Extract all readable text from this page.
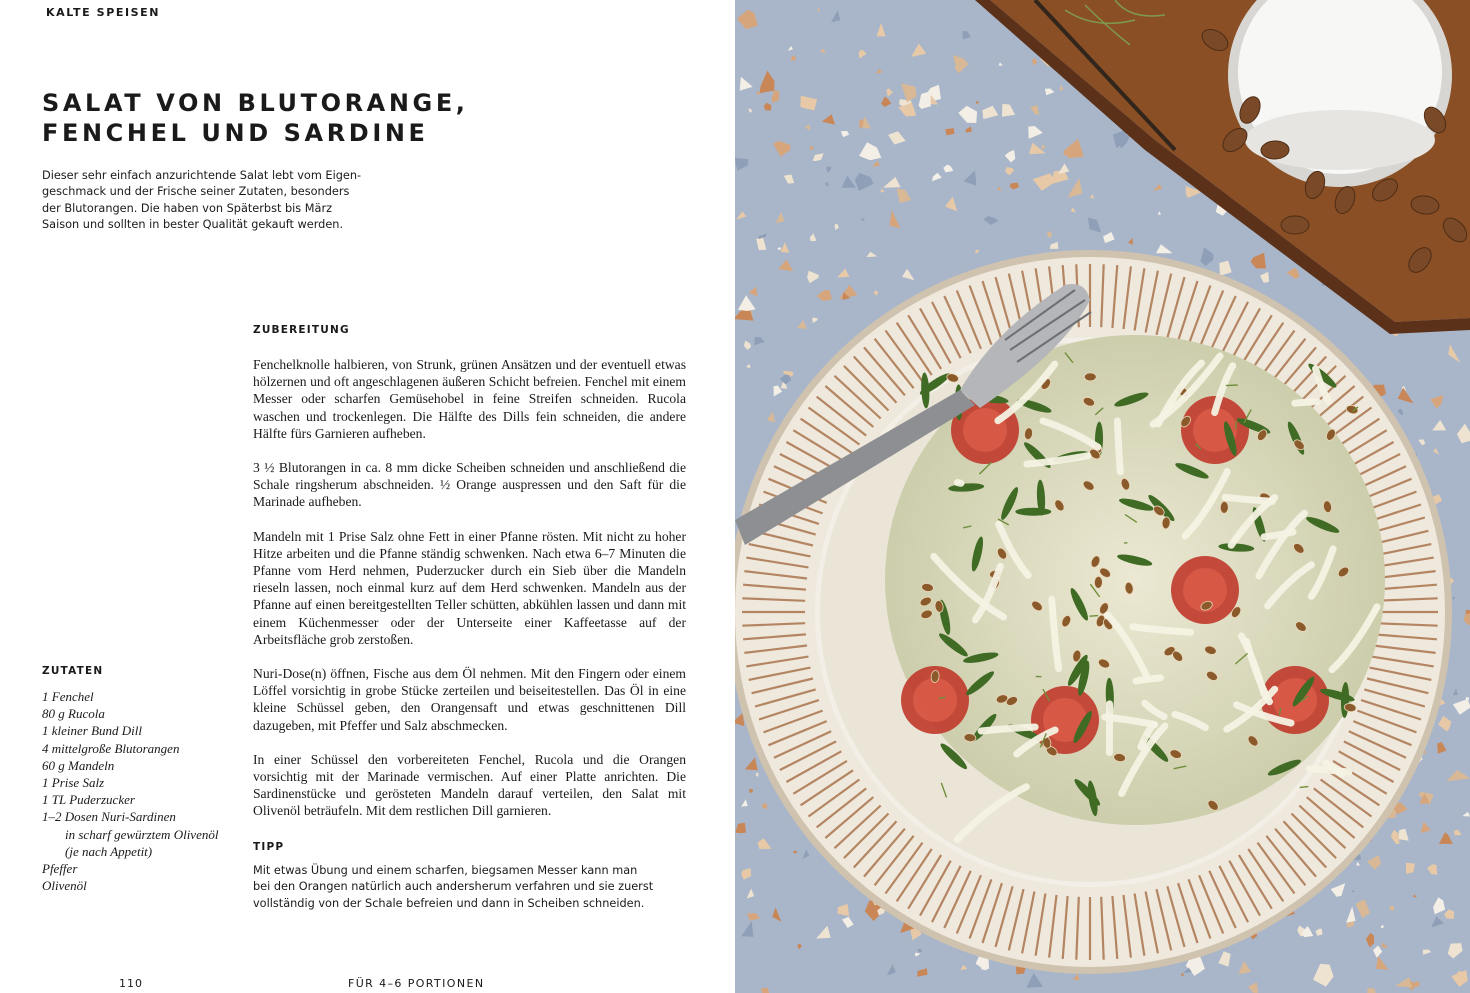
KALTE SPEISEN
SALAT VON BLUTORANGE,
FENCHEL UND SARDINE

Dieser sehr einfach anzurichtende Salat lebt vom Eigen-
geschmack und der Frische seiner Zutaten, besonders
der Blutorangen. Die haben von Späterbst bis März
Saison und sollten in bester Qualität gekauft werden.

ZUBEREITUNG

Fenchelknolle halbieren, von Strunk, grünen Ansätzen und der eventuell etwas hölzernen und oft angeschlagenen äußeren Schicht befreien. Fenchel mit einem Messer oder scharfen Gemüsehobel in feine Streifen schneiden. Rucola waschen und trockenlegen. Die Hälfte des Dills fein schneiden, die andere Hälfte fürs Garnieren aufheben.

3 ½ Blutorangen in ca. 8 mm dicke Scheiben schneiden und anschließend die Schale ringsherum abschneiden. ½ Orange auspressen und den Saft für die Marinade aufheben.

Mandeln mit 1 Prise Salz ohne Fett in einer Pfanne rösten. Mit nicht zu hoher Hitze arbeiten und die Pfanne ständig schwenken. Nach etwa 6–7 Minuten die Pfanne vom Herd nehmen, Puderzucker durch ein Sieb über die Mandeln rieseln lassen, noch einmal kurz auf dem Herd schwenken. Mandeln aus der Pfanne auf einen bereitgestellten Teller schütten, abkühlen lassen und dann mit einem Küchenmesser oder der Unterseite einer Kaffeetasse auf der Arbeitsfläche grob zerstoßen.

Nuri-Dose(n) öffnen, Fische aus dem Öl nehmen. Mit den Fingern oder einem Löffel vorsichtig in grobe Stücke zerteilen und beiseitestellen. Das Öl in eine kleine Schüssel geben, den Orangensaft und etwas geschnittenen Dill dazugeben, mit Pfeffer und Salz abschmecken.

In einer Schüssel den vorbereiteten Fenchel, Rucola und die Orangen vorsichtig mit der Marinade vermischen. Auf einer Platte anrichten. Die Sardinenstücke und gerösteten Mandeln darauf verteilen, den Salat mit Olivenöl beträufeln. Mit dem restlichen Dill garnieren.

ZUTATEN
1 Fenchel
80 g Rucola
1 kleiner Bund Dill
4 mittelgroße Blutorangen
60 g Mandeln
1 Prise Salz
1 TL Puderzucker
1–2 Dosen Nuri-Sardinen
in scharf gewürztem Olivenöl
(je nach Appetit)
Pfeffer
Olivenöl
TIPP

Mit etwas Übung und einem scharfen, biegsamen Messer kann man
bei den Orangen natürlich auch andersherum verfahren und sie zuerst
vollständig von der Schale befreien und dann in Scheiben schneiden.

110	FÜR 4–6 PORTIONEN
